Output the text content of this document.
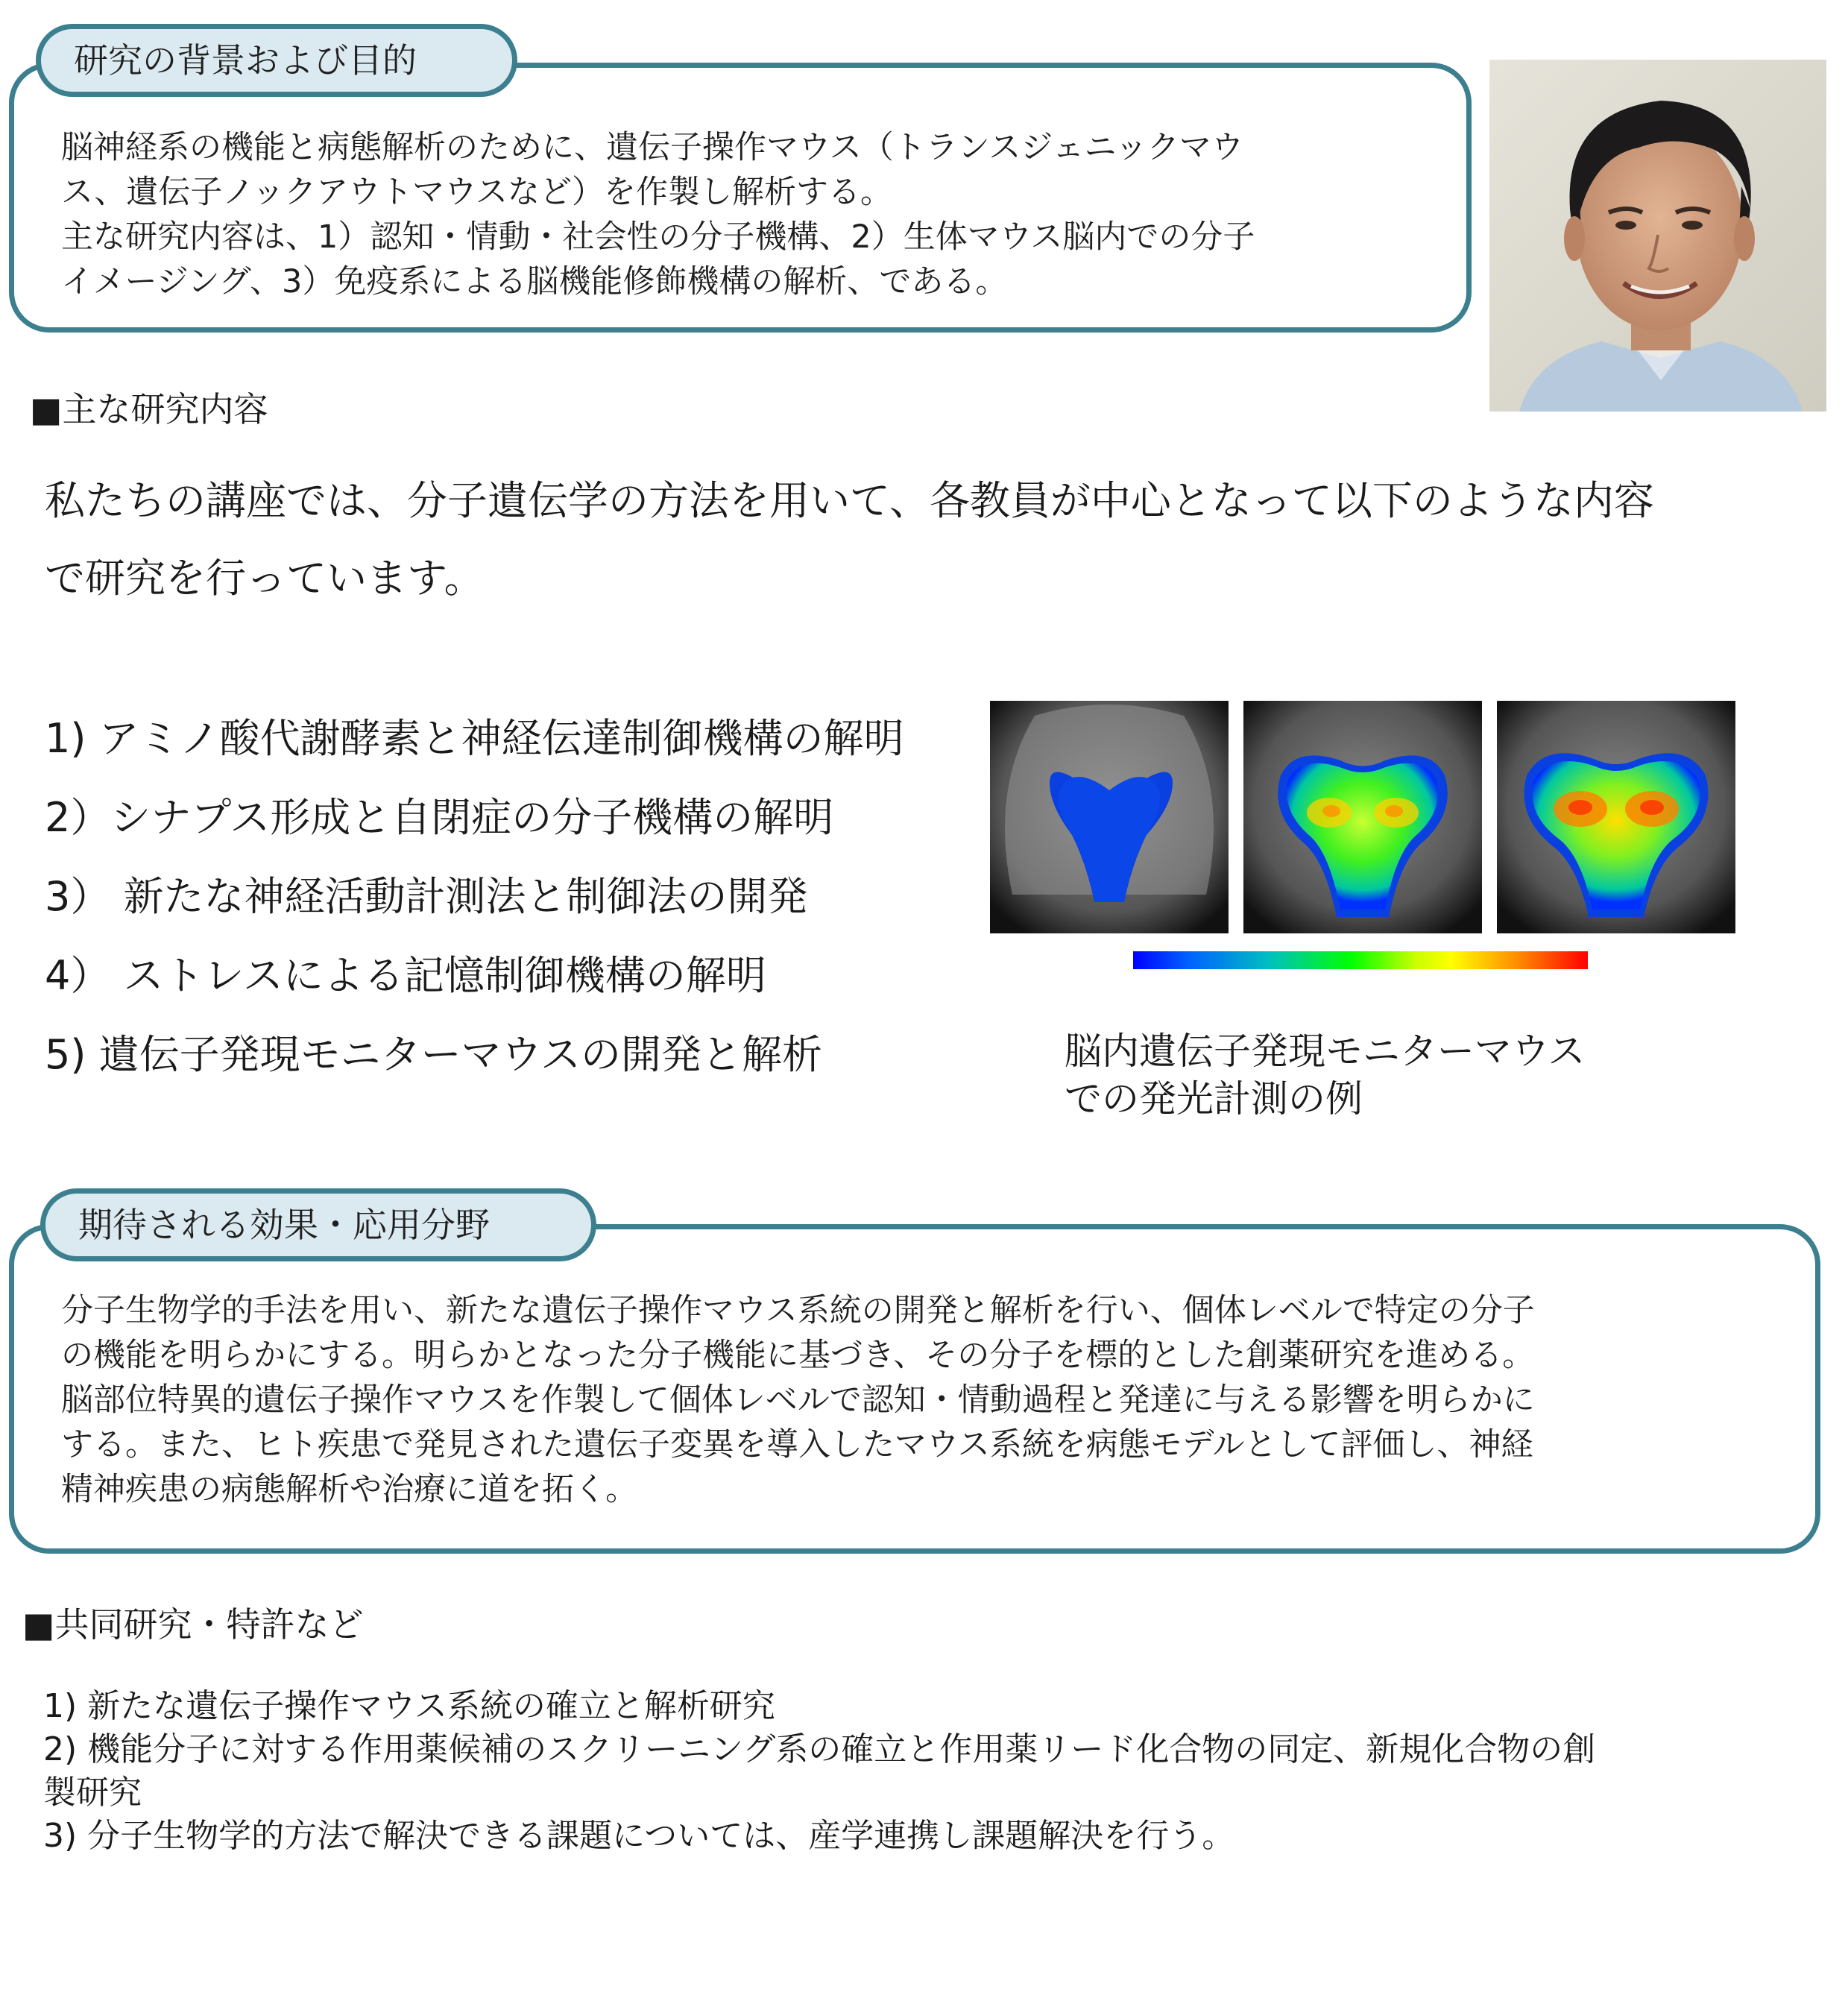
研究の背景および目的
脳神経系の機能と病態解析のために、遺伝子操作マウス（トランスジェニックマウ
ス、遺伝子ノックアウトマウスなど）を作製し解析する。
主な研究内容は、1）認知・情動・社会性の分子機構、2）生体マウス脳内での分子
イメージング、3）免疫系による脳機能修飾機構の解析、である。
■主な研究内容
私たちの講座では、分子遺伝学の方法を用いて、各教員が中心となって以下のような内容
で研究を行っています。
1) アミノ酸代謝酵素と神経伝達制御機構の解明
2）シナプス形成と自閉症の分子機構の解明
3） 新たな神経活動計測法と制御法の開発
4） ストレスによる記憶制御機構の解明
5) 遺伝子発現モニターマウスの開発と解析	脳内遺伝子発現モニターマウス
での発光計測の例
期待される効果・応用分野
分子生物学的手法を用い、新たな遺伝子操作マウス系統の開発と解析を行い、個体レベルで特定の分子
の機能を明らかにする。明らかとなった分子機能に基づき、その分子を標的とした創薬研究を進める。
脳部位特異的遺伝子操作マウスを作製して個体レベルで認知・情動過程と発達に与える影響を明らかに
する。また、ヒト疾患で発見された遺伝子変異を導入したマウス系統を病態モデルとして評価し、神経
精神疾患の病態解析や治療に道を拓く。
■共同研究・特許など
1) 新たな遺伝子操作マウス系統の確立と解析研究
2) 機能分子に対する作用薬候補のスクリーニング系の確立と作用薬リード化合物の同定、新規化合物の創
製研究
3) 分子生物学的方法で解決できる課題については、産学連携し課題解決を行う。
